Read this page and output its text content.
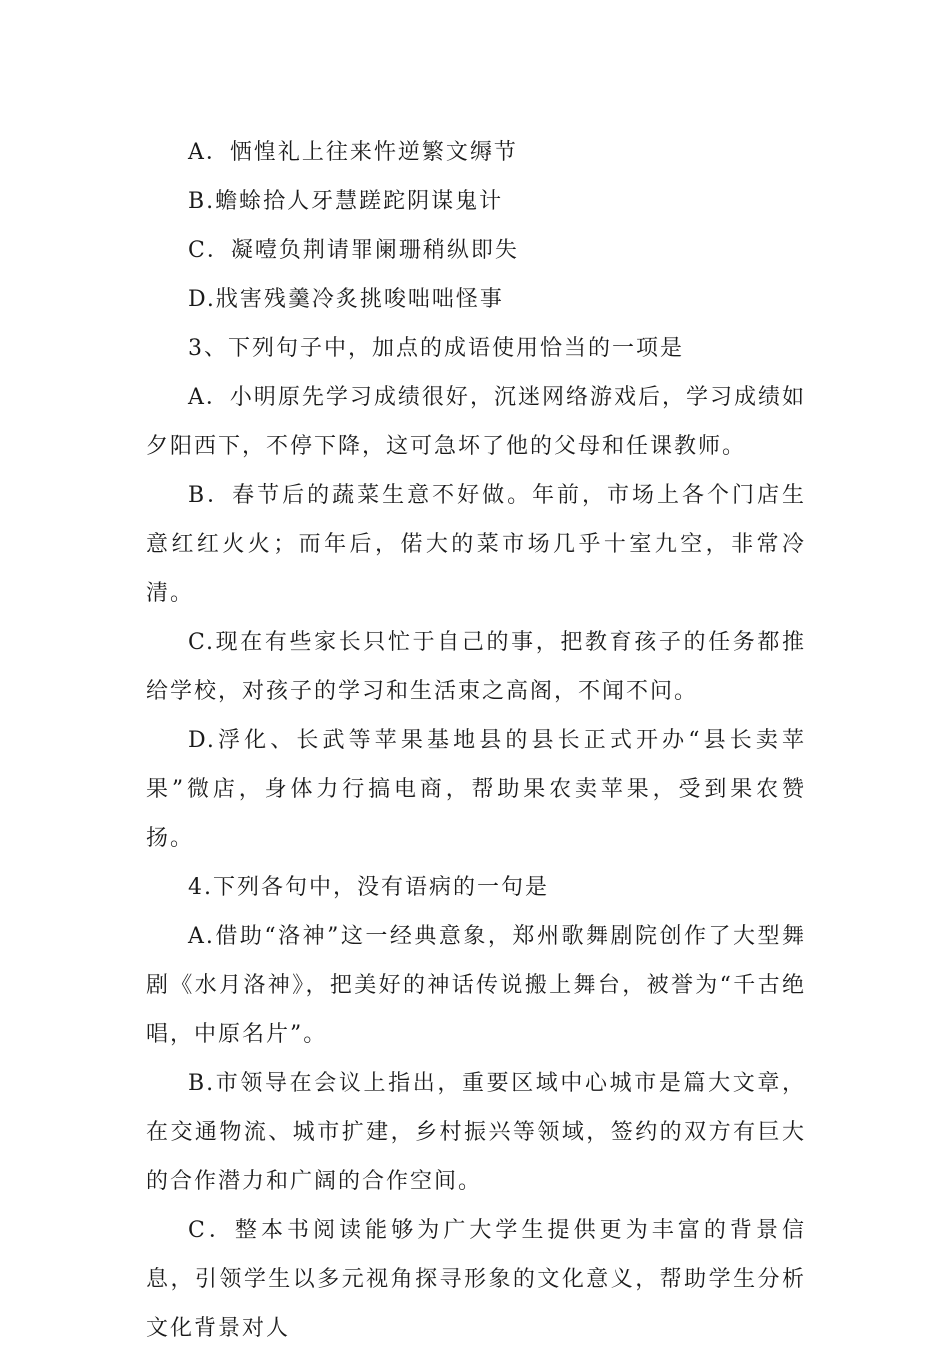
A．恓惶礼上往来忤逆繁文缛节

B.蟾蜍拾人牙慧蹉跎阴谋鬼计

C．凝噎负荆请罪阑珊稍纵即失

D.戕害残羹冷炙挑唆咄咄怪事

3、下列句子中，加点的成语使用恰当的一项是

A．小明原先学习成绩很好，沉迷网络游戏后，学习成绩如夕阳西下，不停下降，这可急坏了他的父母和任课教师。

B．春节后的蔬菜生意不好做。年前，市场上各个门店生意红红火火；而年后，偌大的菜市场几乎十室九空，非常冷清。

C.现在有些家长只忙于自己的事，把教育孩子的任务都推给学校，对孩子的学习和生活束之高阁，不闻不问。

D.浮化、长武等苹果基地县的县长正式开办“县长卖苹果”微店，身体力行搞电商，帮助果农卖苹果，受到果农赞扬。

4.下列各句中，没有语病的一句是

A.借助“洛神”这一经典意象，郑州歌舞剧院创作了大型舞剧《水月洛神》，把美好的神话传说搬上舞台，被誉为“千古绝唱，中原名片”。

B.市领导在会议上指出，重要区域中心城市是篇大文章，在交通物流、城市扩建，乡村振兴等领域，签约的双方有巨大的合作潜力和广阔的合作空间。

C．整本书阅读能够为广大学生提供更为丰富的背景信息，引领学生以多元视角探寻形象的文化意义，帮助学生分析文化背景对人
